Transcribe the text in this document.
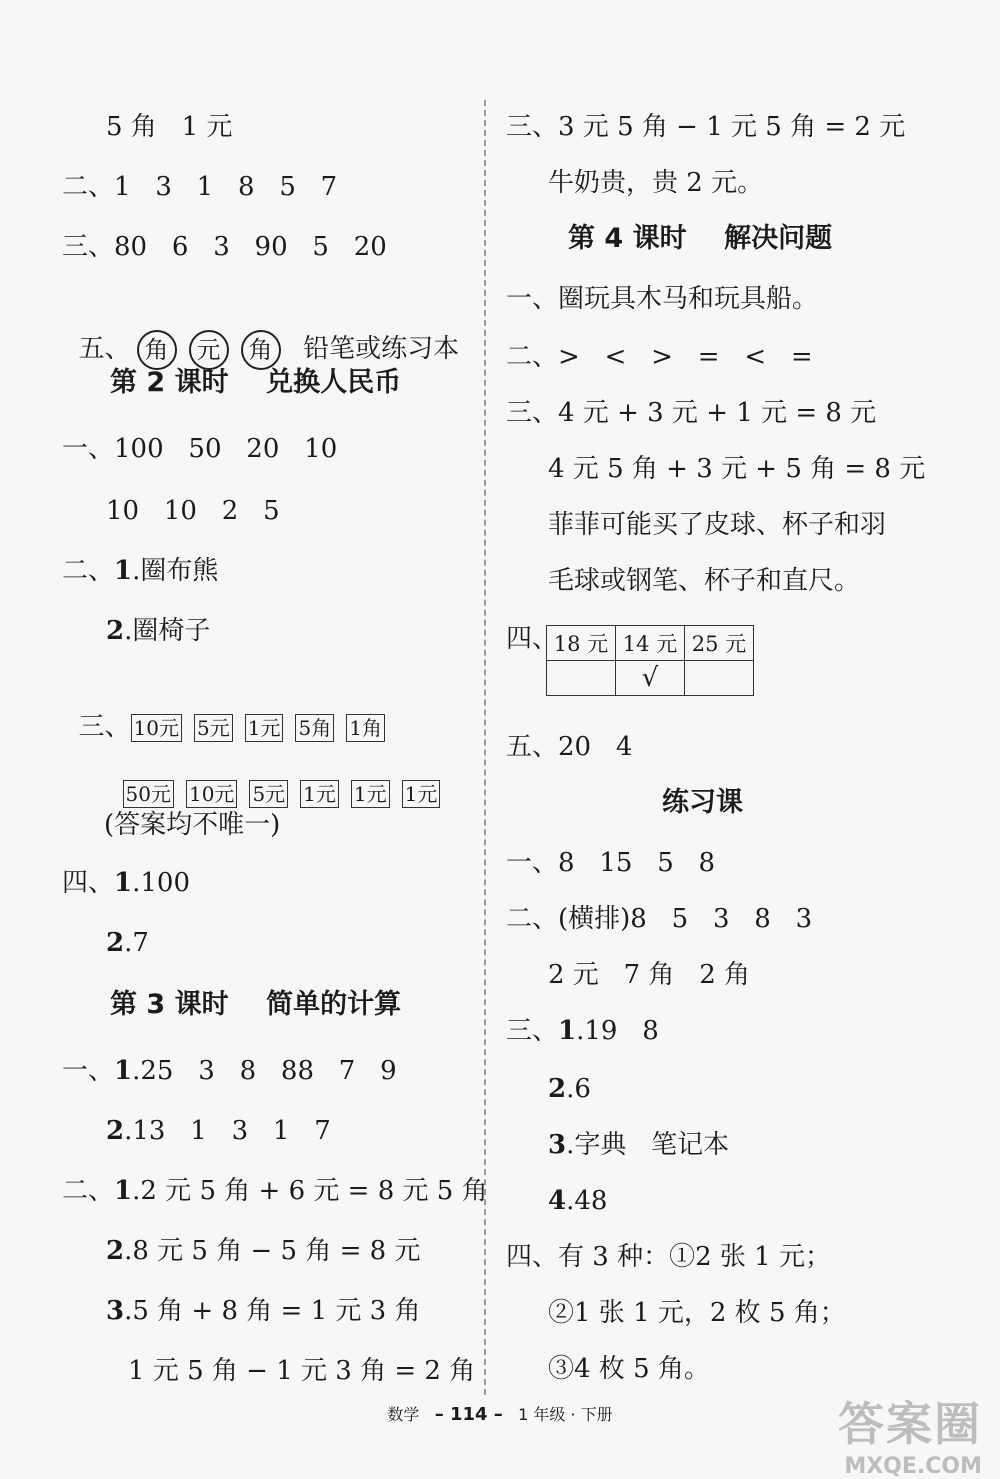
5 角   1 元
二、1   3   1   8   5   7
三、80   6   3   90   5   20

五、 角 元 角 铅笔或练习本

第 2 课时    兑换人民币
一、100   50   20   10
10   10   2   5
二、1.圈布熊
2.圈椅子

三、 10元 5元 1元 5角 1角

50元 10元 5元 1元 1元 1元

(答案均不唯一)
四、1.100
2.7
第 3 课时    简单的计算
一、1.25   3   8   88   7   9
2.13   1   3   1   7
二、1.2 元 5 角 + 6 元 = 8 元 5 角
2.8 元 5 角 − 5 角 = 8 元
3.5 角 + 8 角 = 1 元 3 角
1 元 5 角 − 1 元 3 角 = 2 角
三、3 元 5 角 − 1 元 5 角 = 2 元
牛奶贵，贵 2 元。
第 4 课时    解决问题
一、圈玩具木马和玩具船。
二、>   <   >   =   <   =
三、4 元 + 3 元 + 1 元 = 8 元
4 元 5 角 + 3 元 + 5 角 = 8 元
菲菲可能买了皮球、杯子和羽
毛球或钢笔、杯子和直尺。
四、
18 元	14 元	25 元
	√	
五、20   4
练习课
一、8   15   5   8
二、(横排)8   5   3   8   3
2 元   7 角   2 角
三、1.19   8
2.6
3.字典   笔记本
4.48
四、有 3 种：①2 张 1 元；
②1 张 1 元，2 枚 5 角；
③4 枚 5 角。
数学 – 114 – 1 年级 · 下册	答案圈
MXQE.COM
